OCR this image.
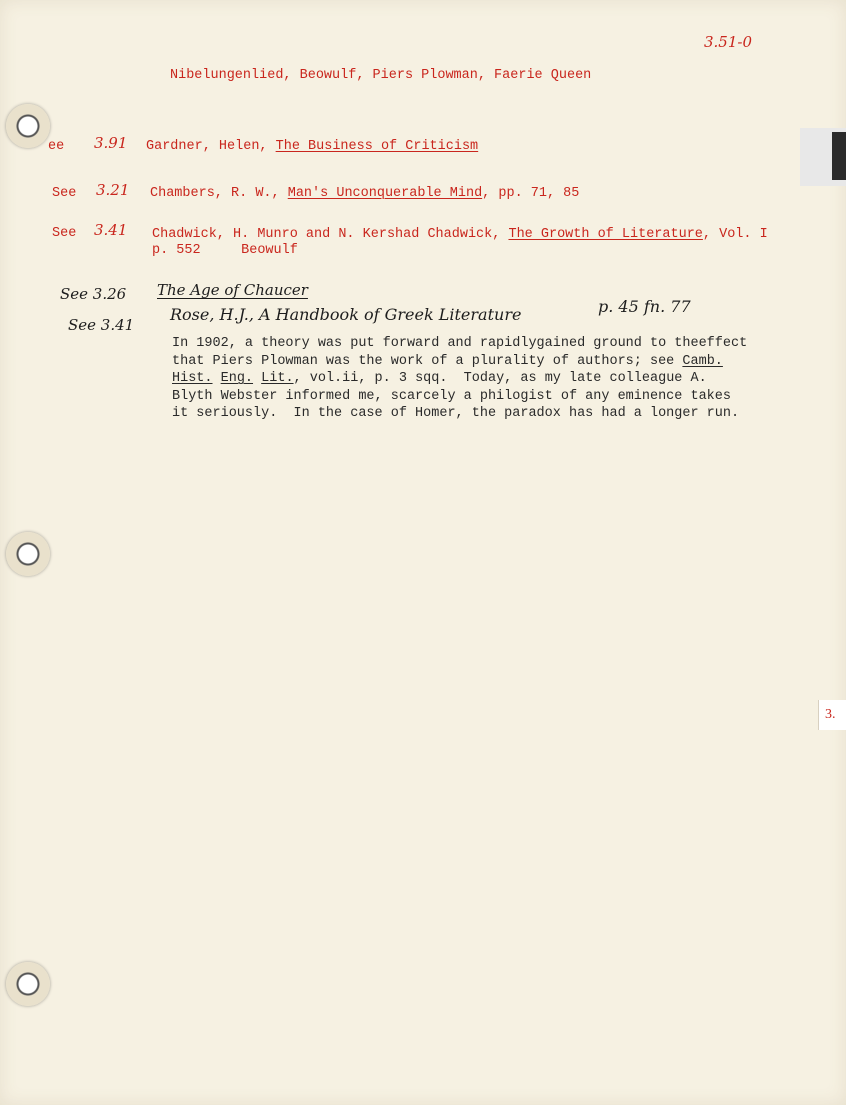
3.
3.51-0
Nibelungenlied, Beowulf, Piers Plowman, Faerie Queen
ee 3.91 Gardner, Helen, The Business of Criticism
See 3.21 Chambers, R. W., Man's Unconquerable Mind, pp. 71, 85
See 3.41 Chadwick, H. Munro and N. Kershad Chadwick, The Growth of Literature, Vol. I
p. 552	Beowulf
See 3.26 The Age of Chaucer
See 3.41
Rose, H.J., A Handbook of Greek Literature	p. 45 fn. 77
In 1902, a theory was put forward and rapidlygained ground to theeffect
that Piers Plowman was the work of a plurality of authors; see Camb.
Hist. Eng. Lit., vol.ii, p. 3 sqq.  Today, as my late colleague A.
Blyth Webster informed me, scarcely a philogist of any eminence takes
it seriously.  In the case of Homer, the paradox has had a longer run.
